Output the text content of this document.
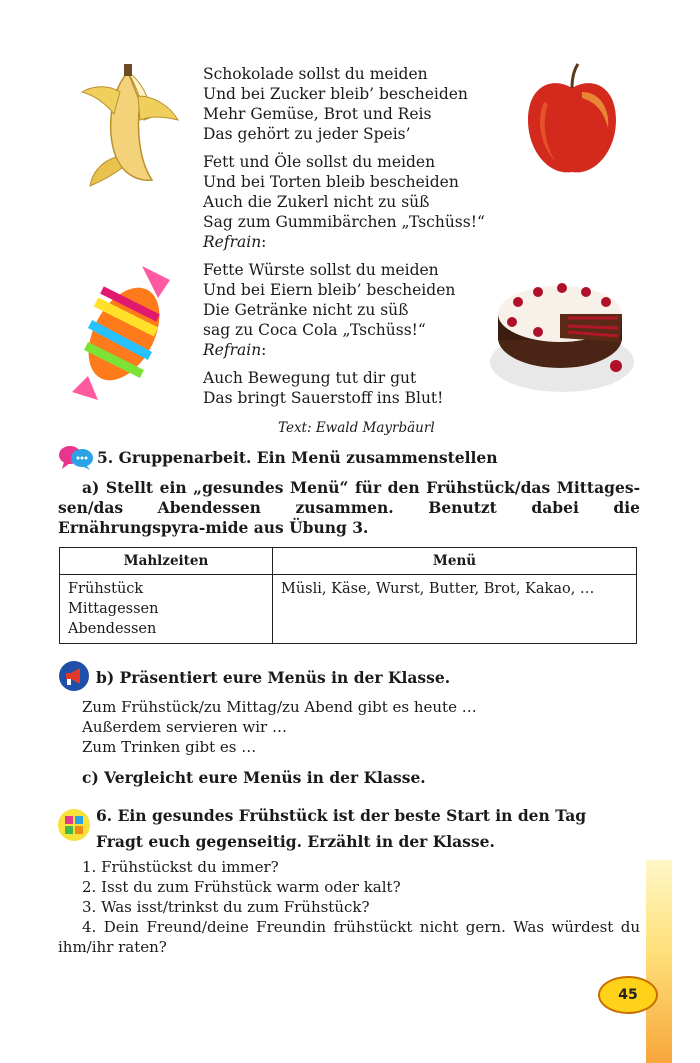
Schokolade sollst du meiden

Und bei Zucker bleib’ bescheiden

Mehr Gemüse, Brot und Reis

Das gehört zu jeder Speis’

Fett und Öle sollst du meiden

Und bei Torten bleib bescheiden

Auch die Zukerl nicht zu süß

Sag zum Gummibärchen „Tschüss!“

Refrain:

Fette Würste sollst du meiden

Und bei Eiern bleib’ bescheiden

Die Getränke nicht zu süß

sag zu Coca Cola „Tschüss!“

Refrain:

Auch Bewegung tut dir gut

Das bringt Sauerstoff ins Blut!

Text: Ewald Mayrbäurl
5. Gruppenarbeit. Ein Menü zusammenstellen
a) Stellt ein „gesundes Menü“ für den Frühstück/das Mittages-sen/das Abendessen zusammen. Benutzt dabei die Ernährungspyra-mide aus Übung 3.
Mahlzeiten	Menü

Frühstück
Mittagessen
Abendessen	Müsli, Käse, Wurst, Butter, Brot, Kakao, …
b) Präsentiert eure Menüs in der Klasse.

Zum Frühstück/zu Mittag/zu Abend gibt es heute …

Außerdem servieren wir …

Zum Trinken gibt es …

c) Vergleicht eure Menüs in der Klasse.
6. Ein gesundes Frühstück ist der beste Start in den Tag
Fragt euch gegenseitig. Erzählt in der Klasse.

1. Frühstückst du immer?

2. Isst du zum Frühstück warm oder kalt?

3. Was isst/trinkst du zum Frühstück?

4. Dein Freund/deine Freundin frühstückt nicht gern. Was würdest du ihm/ihr raten?

45
